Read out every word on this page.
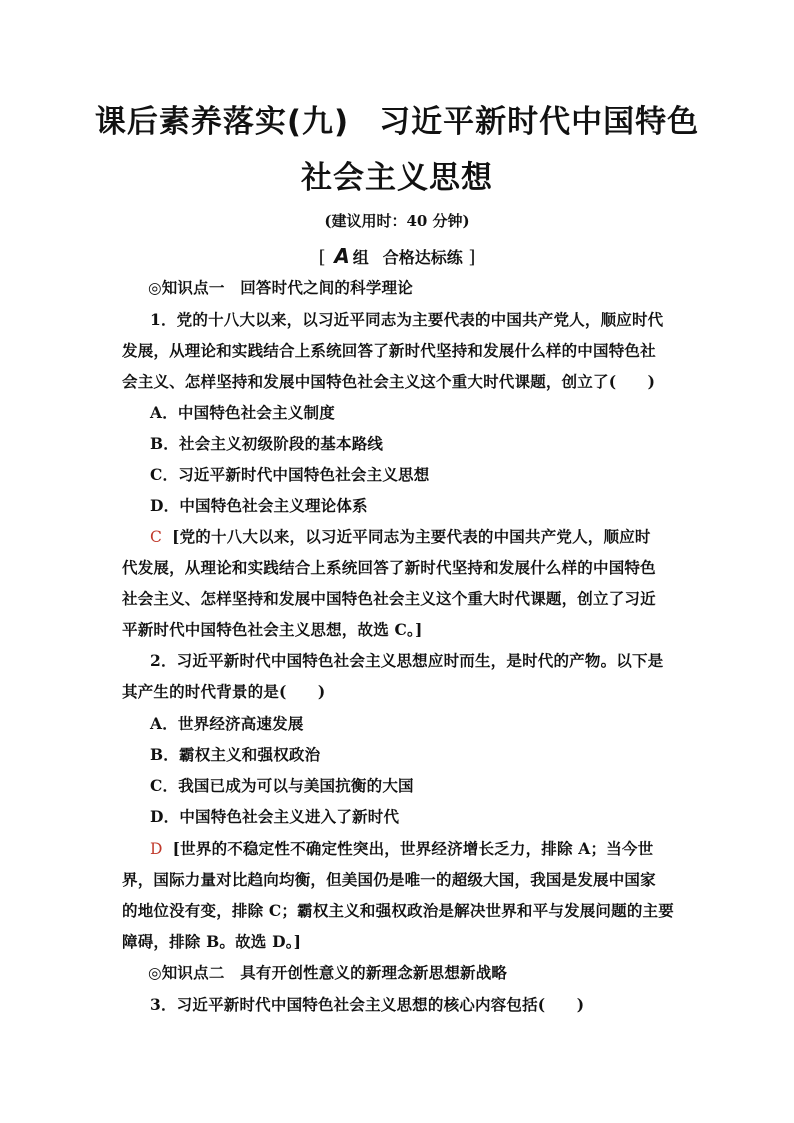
课后素养落实(九) 习近平新时代中国特色
社会主义思想
(建议用时：40 分钟)
[ A 组 合格达标练 ]
◎知识点一　回答时代之间的科学理论
1．党的十八大以来，以习近平同志为主要代表的中国共产党人，顺应时代
发展，从理论和实践结合上系统回答了新时代坚持和发展什么样的中国特色社
会主义、怎样坚持和发展中国特色社会主义这个重大时代课题，创立了(　　)
A．中国特色社会主义制度
B．社会主义初级阶段的基本路线
C．习近平新时代中国特色社会主义思想
D．中国特色社会主义理论体系
C [党的十八大以来，以习近平同志为主要代表的中国共产党人，顺应时
代发展，从理论和实践结合上系统回答了新时代坚持和发展什么样的中国特色
社会主义、怎样坚持和发展中国特色社会主义这个重大时代课题，创立了习近
平新时代中国特色社会主义思想，故选 C。]
2．习近平新时代中国特色社会主义思想应时而生，是时代的产物。以下是
其产生的时代背景的是(　　)
A．世界经济高速发展
B．霸权主义和强权政治
C．我国已成为可以与美国抗衡的大国
D．中国特色社会主义进入了新时代
D [世界的不稳定性不确定性突出，世界经济增长乏力，排除 A；当今世
界，国际力量对比趋向均衡，但美国仍是唯一的超级大国，我国是发展中国家
的地位没有变，排除 C；霸权主义和强权政治是解决世界和平与发展问题的主要
障碍，排除 B。故选 D。]
◎知识点二　具有开创性意义的新理念新思想新战略
3．习近平新时代中国特色社会主义思想的核心内容包括(　　)
